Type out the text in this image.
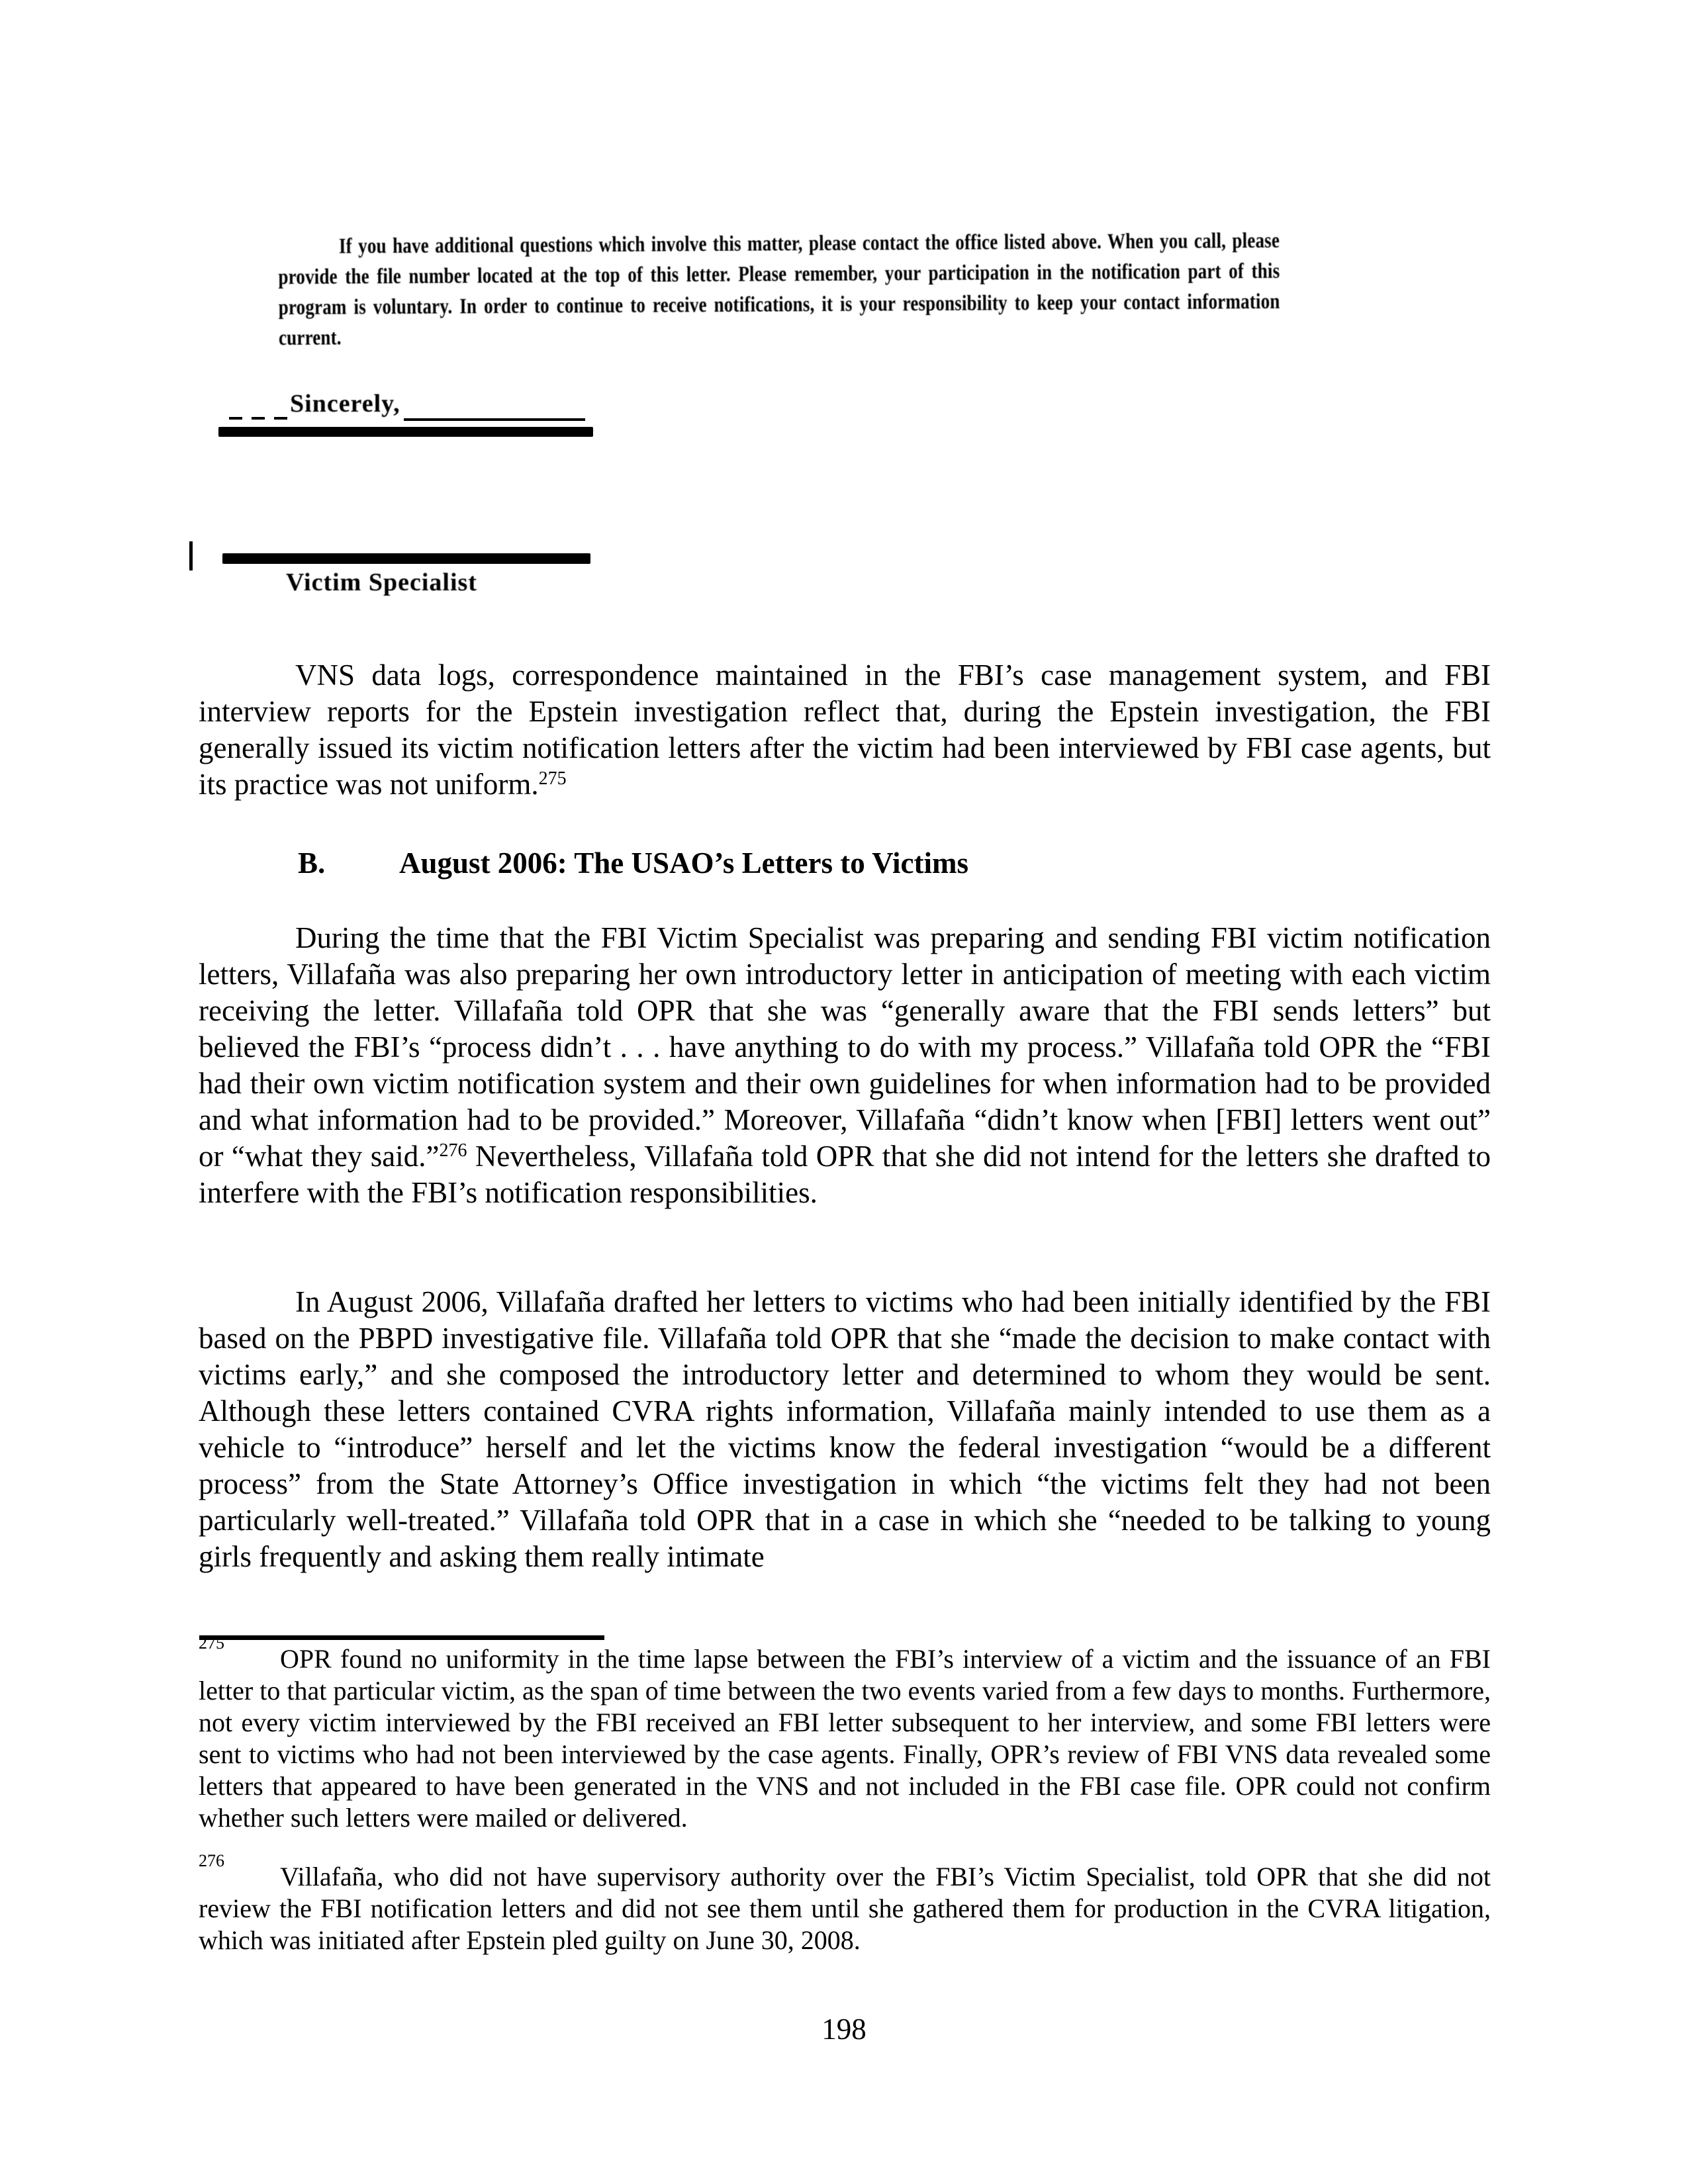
If you have additional questions which involve this matter, please contact the office listed above. When you call, please provide the file number located at the top of this letter. Please remember, your participation in the notification part of this program is voluntary. In order to continue to receive notifications, it is your responsibility to keep your contact information current.
Sincerely,
Victim Specialist
VNS data logs, correspondence maintained in the FBI’s case management system, and FBI interview reports for the Epstein investigation reflect that, during the Epstein investigation, the FBI generally issued its victim notification letters after the victim had been interviewed by FBI case agents, but its practice was not uniform.$^{275}$
B. August 2006: The USAO’s Letters to Victims
During the time that the FBI Victim Specialist was preparing and sending FBI victim notification letters, Villafaña was also preparing her own introductory letter in anticipation of meeting with each victim receiving the letter. Villafaña told OPR that she was “generally aware that the FBI sends letters” but believed the FBI’s “process didn’t . . . have anything to do with my process.” Villafaña told OPR the “FBI had their own victim notification system and their own guidelines for when information had to be provided and what information had to be provided.” Moreover, Villafaña “didn’t know when [FBI] letters went out” or “what they said.”$^{276}$ Nevertheless, Villafaña told OPR that she did not intend for the letters she drafted to interfere with the FBI’s notification responsibilities.
In August 2006, Villafaña drafted her letters to victims who had been initially identified by the FBI based on the PBPD investigative file. Villafaña told OPR that she “made the decision to make contact with victims early,” and she composed the introductory letter and determined to whom they would be sent. Although these letters contained CVRA rights information, Villafaña mainly intended to use them as a vehicle to “introduce” herself and let the victims know the federal investigation “would be a different process” from the State Attorney’s Office investigation in which “the victims felt they had not been particularly well-treated.” Villafaña told OPR that in a case in which she “needed to be talking to young girls frequently and asking them really intimate
$^{275}$OPR found no uniformity in the time lapse between the FBI’s interview of a victim and the issuance of an FBI letter to that particular victim, as the span of time between the two events varied from a few days to months. Furthermore, not every victim interviewed by the FBI received an FBI letter subsequent to her interview, and some FBI letters were sent to victims who had not been interviewed by the case agents. Finally, OPR’s review of FBI VNS data revealed some letters that appeared to have been generated in the VNS and not included in the FBI case file. OPR could not confirm whether such letters were mailed or delivered.
$^{276}$Villafaña, who did not have supervisory authority over the FBI’s Victim Specialist, told OPR that she did not review the FBI notification letters and did not see them until she gathered them for production in the CVRA litigation, which was initiated after Epstein pled guilty on June 30, 2008.
198
